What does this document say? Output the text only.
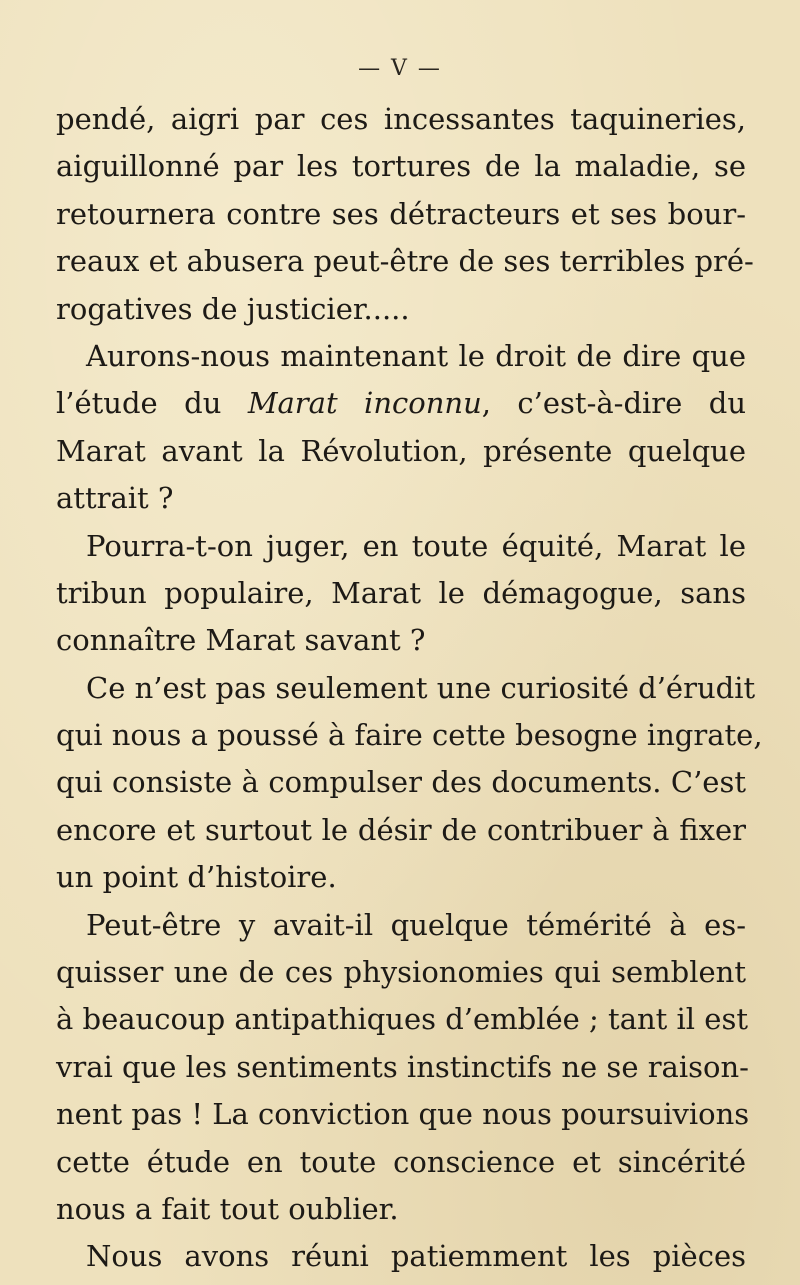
— V —
pendé, aigri par ces incessantes taquineries,
aiguillonné par les tortures de la maladie, se
retournera contre ses détracteurs et ses bour-
reaux et abusera peut-être de ses terribles pré-
rogatives de justicier.....
Aurons-nous maintenant le droit de dire que
l’étude du Marat inconnu, c’est-à-dire du
Marat avant la Révolution, présente quelque
attrait ?
Pourra-t-on juger, en toute équité, Marat le
tribun populaire, Marat le démagogue, sans
connaître Marat savant ?
Ce n’est pas seulement une curiosité d’érudit
qui nous a poussé à faire cette besogne ingrate,
qui consiste à compulser des documents. C’est
encore et surtout le désir de contribuer à fixer
un point d’histoire.
Peut-être y avait-il quelque témérité à es-
quisser une de ces physionomies qui semblent
à beaucoup antipathiques d’emblée ; tant il est
vrai que les sentiments instinctifs ne se raison-
nent pas ! La conviction que nous poursuivions
cette étude en toute conscience et sincérité
nous a fait tout oublier.
Nous avons réuni patiemment les pièces
